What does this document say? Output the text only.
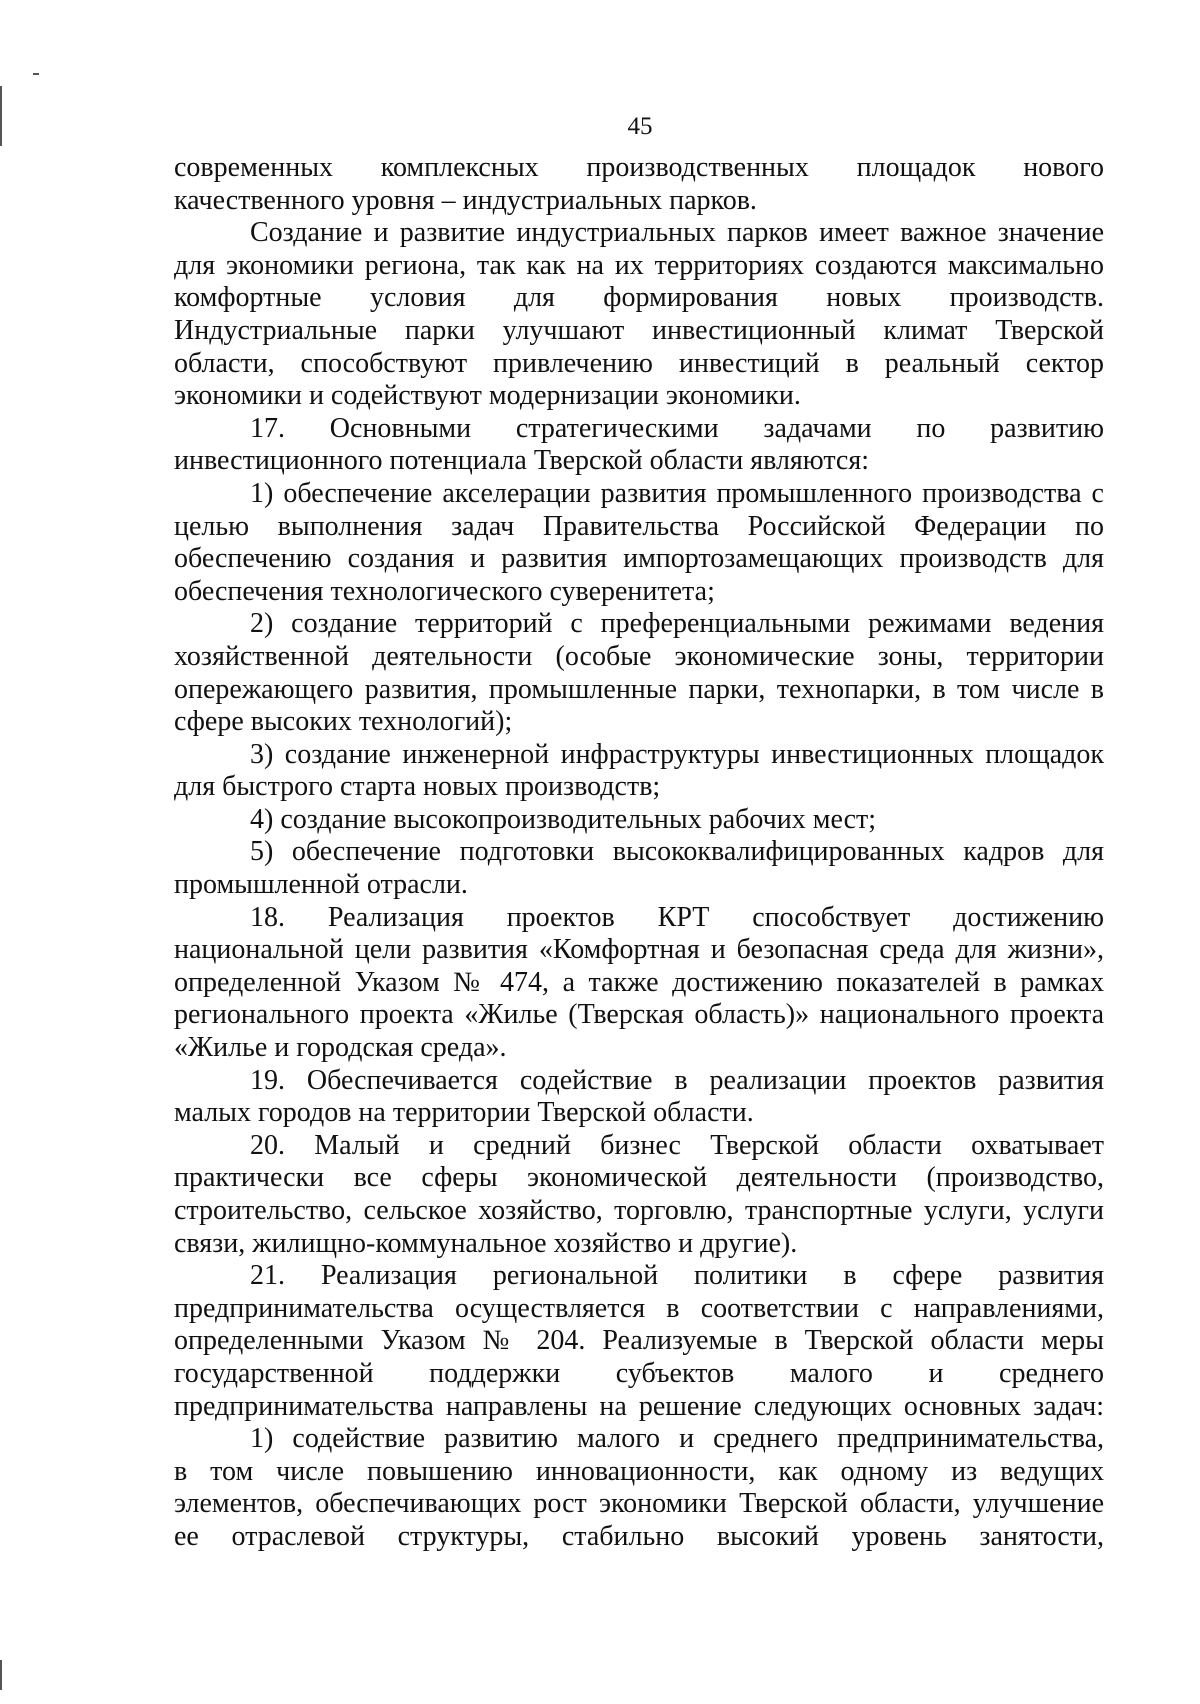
45
современных комплексных производственных площадок нового
качественного уровня – индустриальных парков.
Создание и развитие индустриальных парков имеет важное значение
для экономики региона, так как на их территориях создаются максимально
комфортные условия для формирования новых производств.
Индустриальные парки улучшают инвестиционный климат Тверской
области, способствуют привлечению инвестиций в реальный сектор
экономики и содействуют модернизации экономики.
17. Основными стратегическими задачами по развитию
инвестиционного потенциала Тверской области являются:
1) обеспечение акселерации развития промышленного производства с
целью выполнения задач Правительства Российской Федерации по
обеспечению создания и развития импортозамещающих производств для
обеспечения технологического суверенитета;
2) создание территорий с преференциальными режимами ведения
хозяйственной деятельности (особые экономические зоны, территории
опережающего развития, промышленные парки, технопарки, в том числе в
сфере высоких технологий);
3) создание инженерной инфраструктуры инвестиционных площадок
для быстрого старта новых производств;
4) создание высокопроизводительных рабочих мест;
5) обеспечение подготовки высококвалифицированных кадров для
промышленной отрасли.
18. Реализация проектов КРТ способствует достижению
национальной цели развития «Комфортная и безопасная среда для жизни»,
определенной Указом № 474, а также достижению показателей в рамках
регионального проекта «Жилье (Тверская область)» национального проекта
«Жилье и городская среда».
19. Обеспечивается содействие в реализации проектов развития
малых городов на территории Тверской области.
20. Малый и средний бизнес Тверской области охватывает
практически все сферы экономической деятельности (производство,
строительство, сельское хозяйство, торговлю, транспортные услуги, услуги
связи, жилищно-коммунальное хозяйство и другие).
21. Реализация региональной политики в сфере развития
предпринимательства осуществляется в соответствии с направлениями,
определенными Указом № 204. Реализуемые в Тверской области меры
государственной поддержки субъектов малого и среднего
предпринимательства направлены на решение следующих основных задач:
1) содействие развитию малого и среднего предпринимательства,
в том числе повышению инновационности, как одному из ведущих
элементов, обеспечивающих рост экономики Тверской области, улучшение
ее отраслевой структуры, стабильно высокий уровень занятости,
